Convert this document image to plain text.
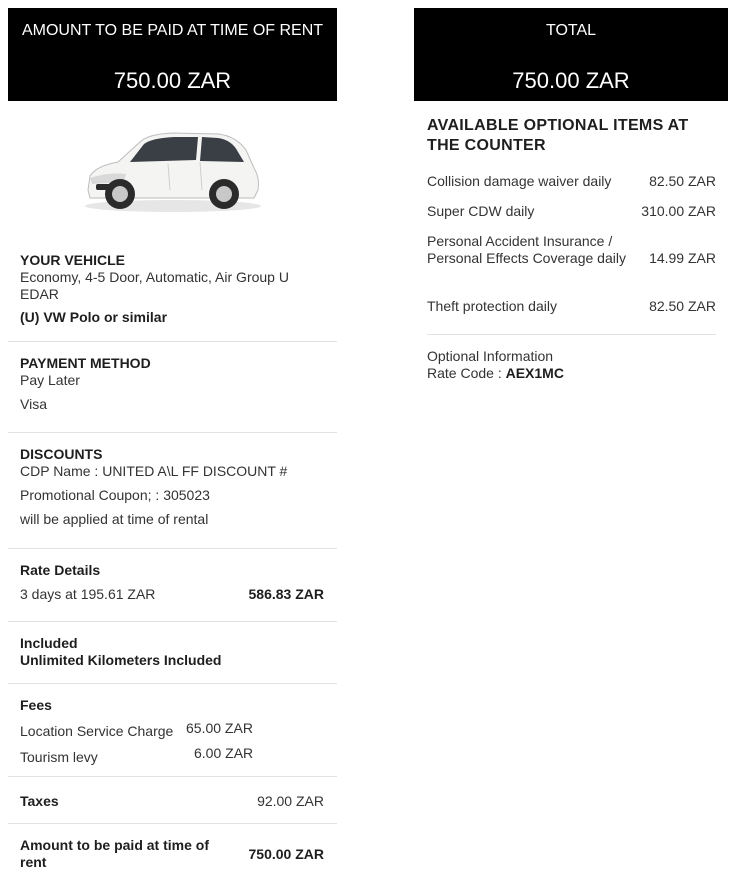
AMOUNT TO BE PAID AT TIME OF RENT
750.00 ZAR
TOTAL
750.00 ZAR
YOUR VEHICLE
Economy, 4-5 Door, Automatic, Air Group U EDAR
(U) VW Polo or similar
PAYMENT METHOD
Pay Later
Visa
DISCOUNTS
CDP Name : UNITED A\L FF DISCOUNT #
Promotional Coupon; : 305023
will be applied at time of rental
Rate Details
3 days at 195.61 ZAR	586.83 ZAR
Included
Unlimited Kilometers Included
Fees
Location Service Charge 65.00 ZAR
Tourism levy	6.00 ZAR
Taxes	92.00 ZAR
Amount to be paid at time of rent	750.00 ZAR
AVAILABLE OPTIONAL ITEMS AT THE COUNTER
Collision damage waiver daily	82.50 ZAR
Super CDW daily	310.00 ZAR
Personal Accident Insurance / Personal Effects Coverage daily	14.99 ZAR
Theft protection daily	82.50 ZAR
Optional Information
Rate Code : AEX1MC
